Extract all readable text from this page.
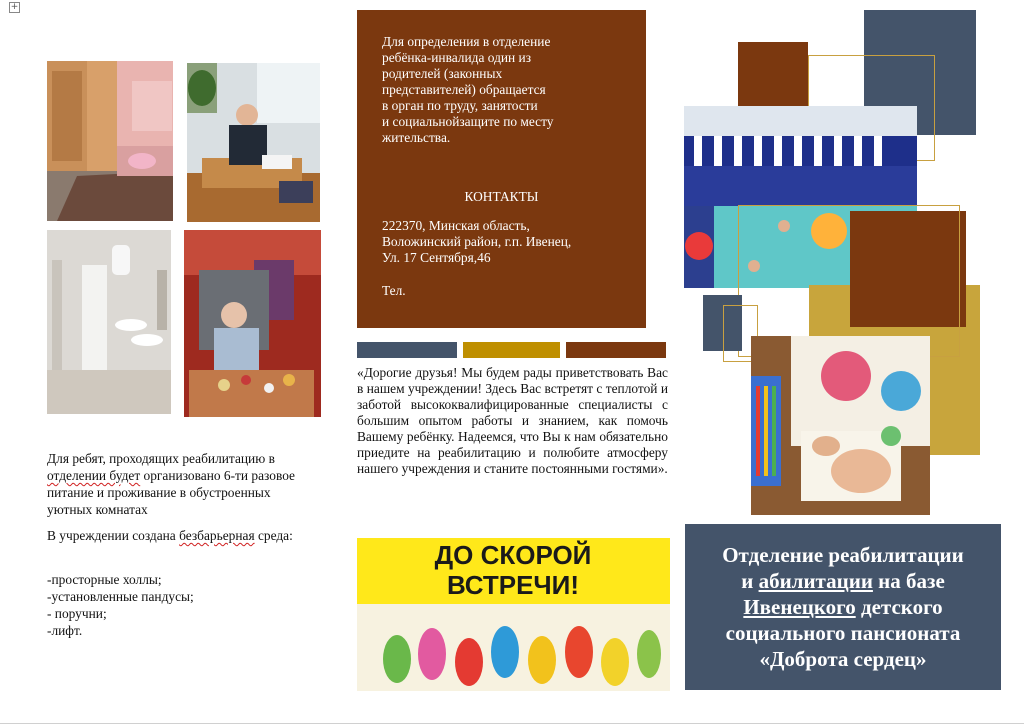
+

Для ребят, проходящих реабилитацию в отделении будет организовано 6-ти разовое питание и проживание в обустроенных уютных комнатах

В учреждении создана безбарьерная среда:

-просторные холлы;
-установленные пандусы;
- поручни;
-лифт.

Для определения в отделение
ребёнка-инвалида один из
родителей (законных
представителей) обращается
в орган по труду, занятости
и социальнойзащите по месту
жительства.

КОНТАКТЫ

222370, Минская область,
Воложинский район, г.п. Ивенец,
Ул. 17 Сентября,46

Тел.

«Дорогие друзья! Мы будем рады приветствовать Вас в нашем учреждении! Здесь Вас встретят с теплотой и заботой высококвалифицированные специалисты с большим опытом работы и знанием, как помочь Вашему ребёнку. Надеемся, что Вы к нам обязательно приедите на реабилитацию и полюбите атмосферу нашего учреждения и станите постоянными гостями».

ДО СКОРОЙ
ВСТРЕЧИ!

Отделение реабилитации
и абилитации на базе
Ивенецкого детского
социального пансионата
«Доброта сердец»
